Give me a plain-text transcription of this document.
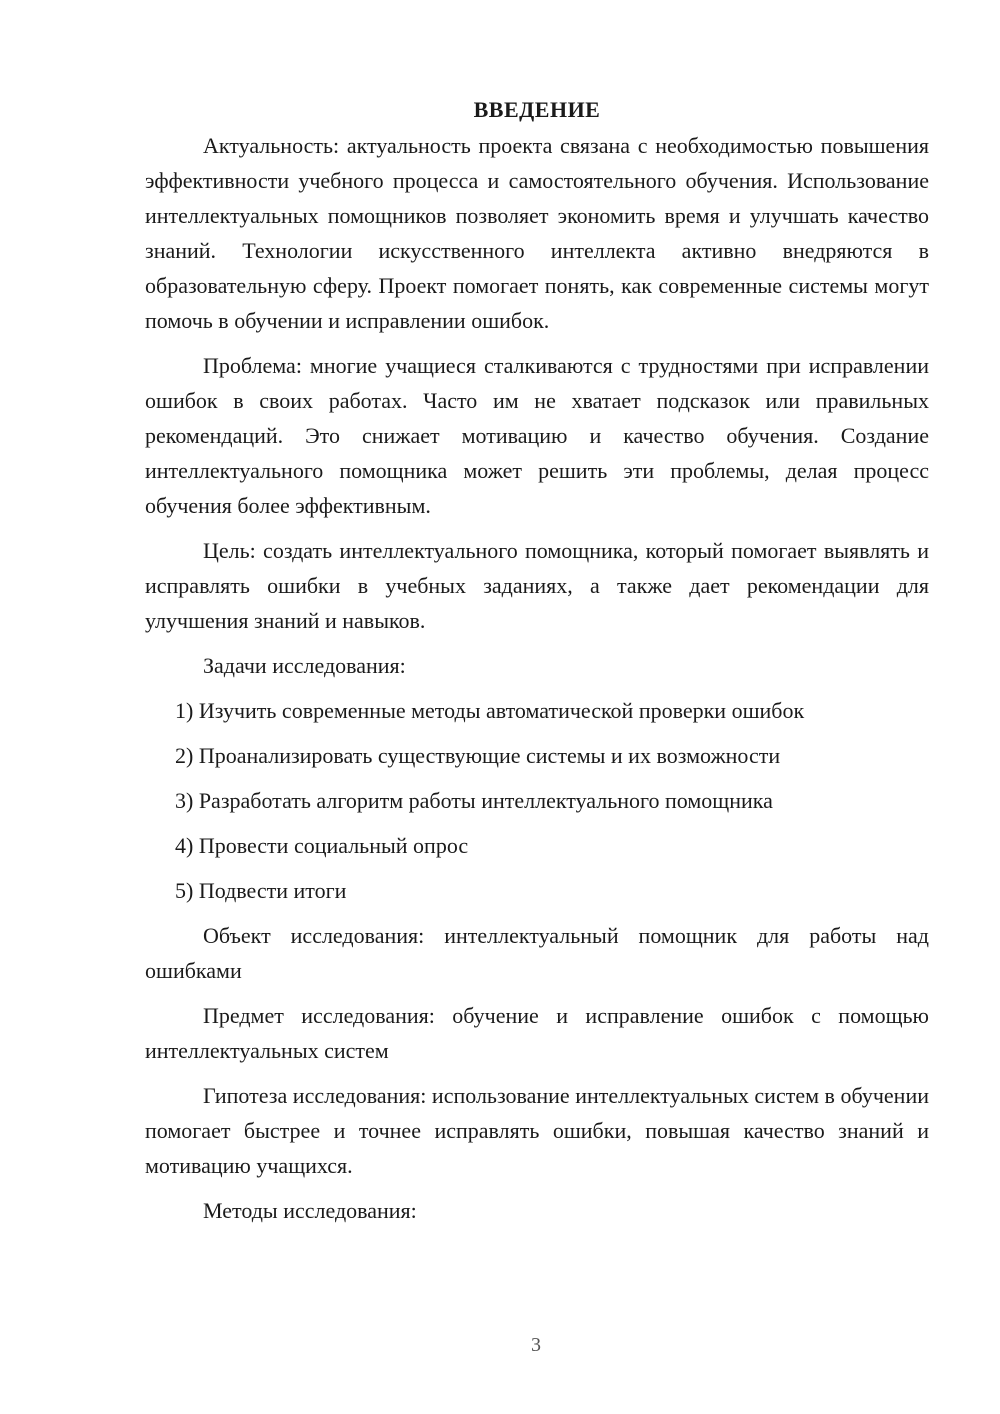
ВВЕДЕНИЕ

Актуальность: актуальность проекта связана с необходимостью повышения эффективности учебного процесса и самостоятельного обучения. Использование интеллектуальных помощников позволяет экономить время и улучшать качество знаний. Технологии искусственного интеллекта активно внедряются в образовательную сферу. Проект помогает понять, как современные системы могут помочь в обучении и исправлении ошибок.

Проблема: многие учащиеся сталкиваются с трудностями при исправлении ошибок в своих работах. Часто им не хватает подсказок или правильных рекомендаций. Это снижает мотивацию и качество обучения. Создание интеллектуального помощника может решить эти проблемы, делая процесс обучения более эффективным.

Цель: создать интеллектуального помощника, который помогает выявлять и исправлять ошибки в учебных заданиях, а также дает рекомендации для улучшения знаний и навыков.

Задачи исследования:

1) Изучить современные методы автоматической проверки ошибок
2) Проанализировать существующие системы и их возможности
3) Разработать алгоритм работы интеллектуального помощника
4) Провести социальный опрос
5) Подвести итоги

Объект исследования: интеллектуальный помощник для работы над ошибками

Предмет исследования: обучение и исправление ошибок с помощью интеллектуальных систем

Гипотеза исследования: использование интеллектуальных систем в обучении помогает быстрее и точнее исправлять ошибки, повышая качество знаний и мотивацию учащихся.

Методы исследования:

3
